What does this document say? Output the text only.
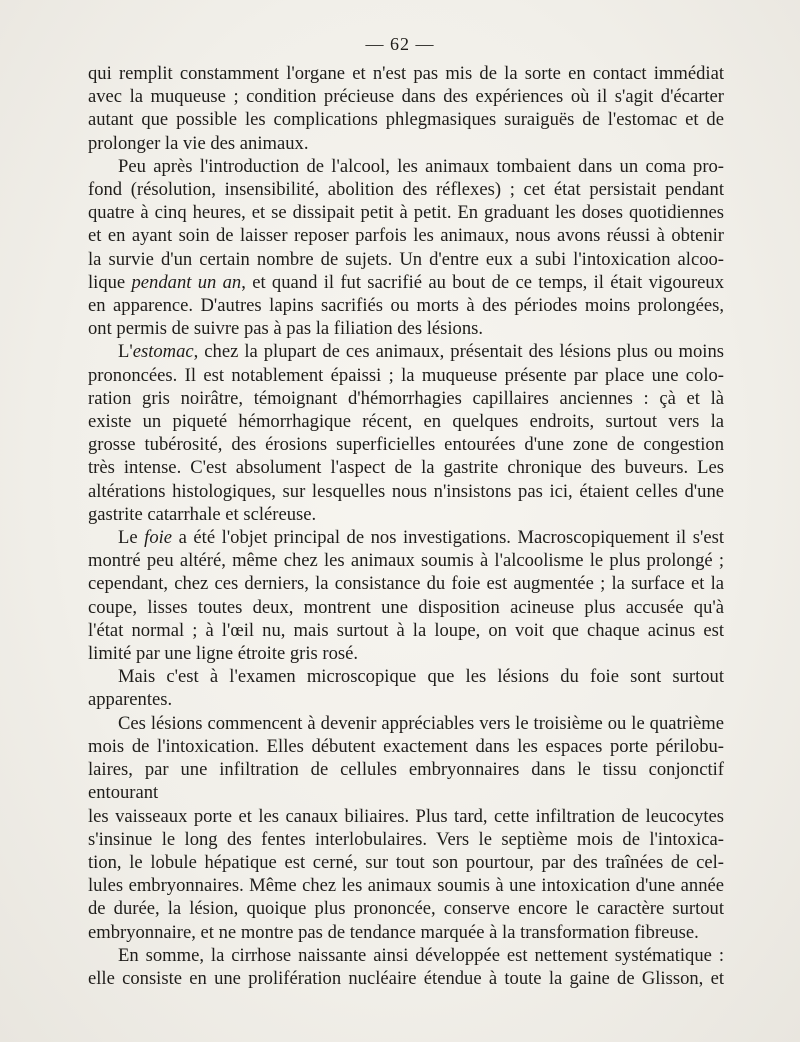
— 62 —

qui remplit constamment l'organe et n'est pas mis de la sorte en contact immédiat

avec la muqueuse ; condition précieuse dans des expériences où il s'agit d'écarter

autant que possible les complications phlegmasiques suraiguës de l'estomac et de

prolonger la vie des animaux.

Peu après l'introduction de l'alcool, les animaux tombaient dans un coma pro-

fond (résolution, insensibilité, abolition des réflexes) ; cet état persistait pendant

quatre à cinq heures, et se dissipait petit à petit. En graduant les doses quotidiennes

et en ayant soin de laisser reposer parfois les animaux, nous avons réussi à obtenir

la survie d'un certain nombre de sujets. Un d'entre eux a subi l'intoxication alcoo-

lique pendant un an, et quand il fut sacrifié au bout de ce temps, il était vigoureux

en apparence. D'autres lapins sacrifiés ou morts à des périodes moins prolongées,

ont permis de suivre pas à pas la filiation des lésions.

L'estomac, chez la plupart de ces animaux, présentait des lésions plus ou moins

prononcées. Il est notablement épaissi ; la muqueuse présente par place une colo-

ration gris noirâtre, témoignant d'hémorrhagies capillaires anciennes : çà et là

existe un piqueté hémorrhagique récent, en quelques endroits, surtout vers la

grosse tubérosité, des érosions superficielles entourées d'une zone de congestion

très intense. C'est absolument l'aspect de la gastrite chronique des buveurs. Les

altérations histologiques, sur lesquelles nous n'insistons pas ici, étaient celles d'une

gastrite catarrhale et scléreuse.

Le foie a été l'objet principal de nos investigations. Macroscopiquement il s'est

montré peu altéré, même chez les animaux soumis à l'alcoolisme le plus prolongé ;

cependant, chez ces derniers, la consistance du foie est augmentée ; la surface et la

coupe, lisses toutes deux, montrent une disposition acineuse plus accusée qu'à

l'état normal ; à l'œil nu, mais surtout à la loupe, on voit que chaque acinus est

limité par une ligne étroite gris rosé.

Mais c'est à l'examen microscopique que les lésions du foie sont surtout apparentes.

Ces lésions commencent à devenir appréciables vers le troisième ou le quatrième

mois de l'intoxication. Elles débutent exactement dans les espaces porte périlobu-

laires, par une infiltration de cellules embryonnaires dans le tissu conjonctif entourant

les vaisseaux porte et les canaux biliaires. Plus tard, cette infiltration de leucocytes

s'insinue le long des fentes interlobulaires. Vers le septième mois de l'intoxica-

tion, le lobule hépatique est cerné, sur tout son pourtour, par des traînées de cel-

lules embryonnaires. Même chez les animaux soumis à une intoxication d'une année

de durée, la lésion, quoique plus prononcée, conserve encore le caractère surtout

embryonnaire, et ne montre pas de tendance marquée à la transformation fibreuse.

En somme, la cirrhose naissante ainsi développée est nettement systématique :

elle consiste en une prolifération nucléaire étendue à toute la gaine de Glisson, et
